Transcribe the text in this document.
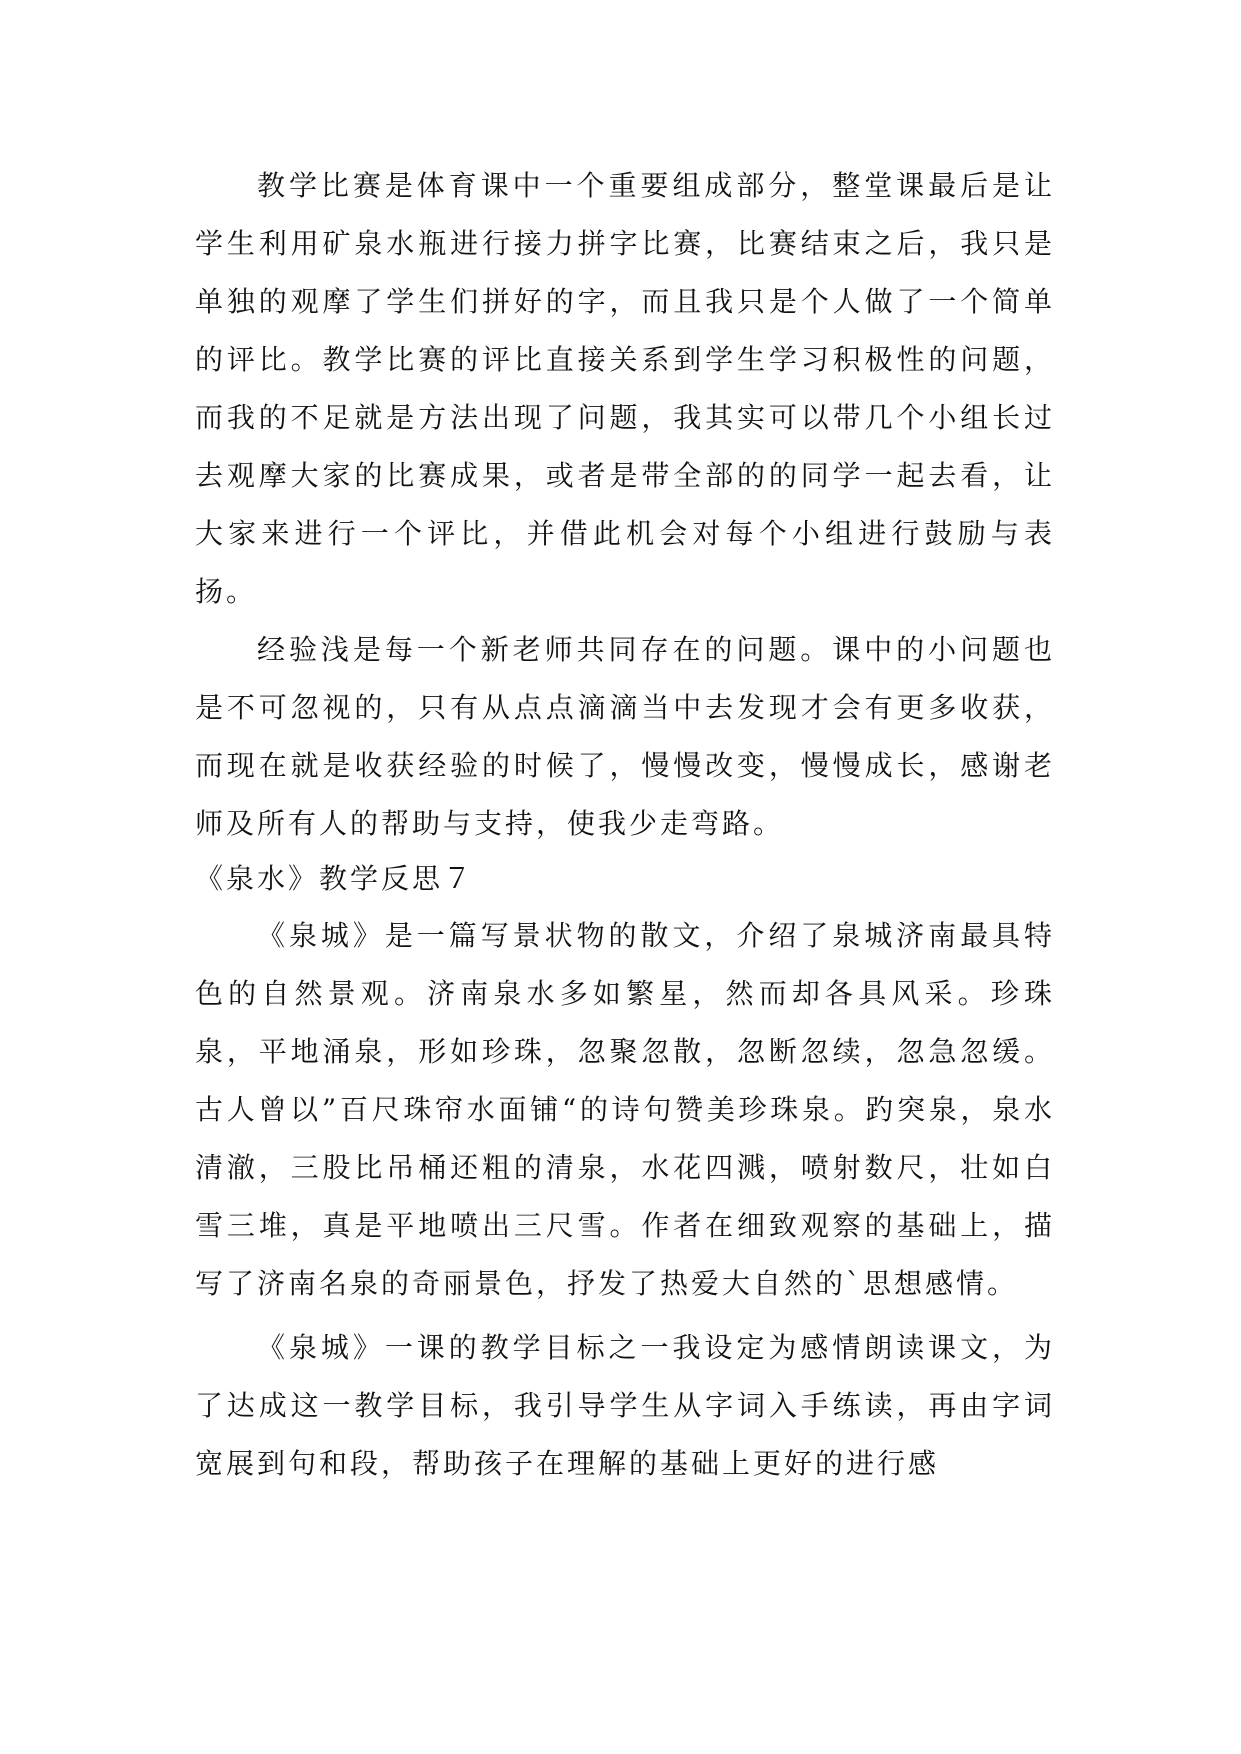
教学比赛是体育课中一个重要组成部分，整堂课最后是让学生利用矿泉水瓶进行接力拼字比赛，比赛结束之后，我只是单独的观摩了学生们拼好的字，而且我只是个人做了一个简单的评比。教学比赛的评比直接关系到学生学习积极性的问题，而我的不足就是方法出现了问题，我其实可以带几个小组长过去观摩大家的比赛成果，或者是带全部的的同学一起去看，让大家来进行一个评比，并借此机会对每个小组进行鼓励与表扬。

经验浅是每一个新老师共同存在的问题。课中的小问题也是不可忽视的，只有从点点滴滴当中去发现才会有更多收获，而现在就是收获经验的时候了，慢慢改变，慢慢成长，感谢老师及所有人的帮助与支持，使我少走弯路。

《泉水》教学反思７

《泉城》是一篇写景状物的散文，介绍了泉城济南最具特色的自然景观。济南泉水多如繁星，然而却各具风采。珍珠泉，平地涌泉，形如珍珠，忽聚忽散，忽断忽续，忽急忽缓。古人曾以”百尺珠帘水面铺“的诗句赞美珍珠泉。趵突泉，泉水清澈，三股比吊桶还粗的清泉，水花四溅，喷射数尺，壮如白雪三堆，真是平地喷出三尺雪。作者在细致观察的基础上，描写了济南名泉的奇丽景色，抒发了热爱大自然的`思想感情。

《泉城》一课的教学目标之一我设定为感情朗读课文，为了达成这一教学目标，我引导学生从字词入手练读，再由字词宽展到句和段，帮助孩子在理解的基础上更好的进行感
